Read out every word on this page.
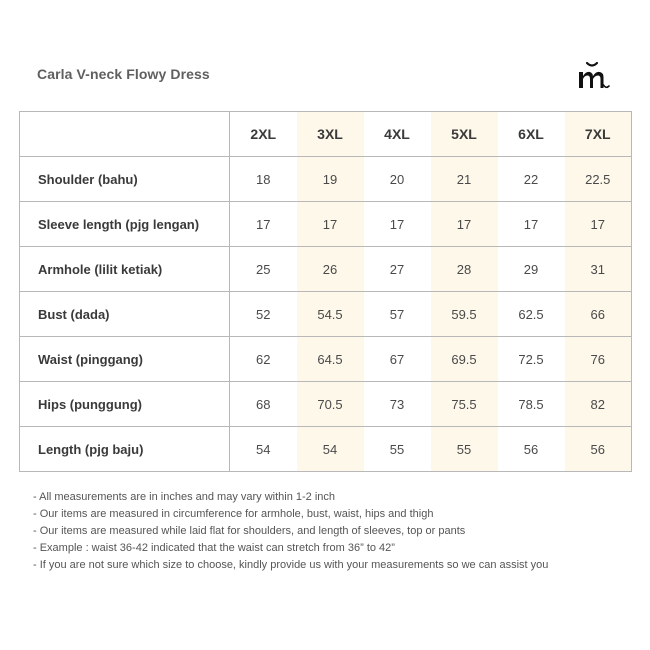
Carla V-neck Flowy Dress
	2XL	3XL	4XL	5XL	6XL	7XL
Shoulder (bahu)	18	19	20	21	22	22.5
Sleeve length (pjg lengan)	17	17	17	17	17	17
Armhole (lilit ketiak)	25	26	27	28	29	31
Bust (dada)	52	54.5	57	59.5	62.5	66
Waist (pinggang)	62	64.5	67	69.5	72.5	76
Hips (punggung)	68	70.5	73	75.5	78.5	82
Length (pjg baju)	54	54	55	55	56	56
- All measurements are in inches and may vary within 1-2 inch
- Our items are measured in circumference for armhole, bust, waist, hips and thigh
- Our items are measured while laid flat for shoulders, and length of sleeves, top or pants
- Example : waist 36-42 indicated that the waist can stretch from 36” to 42”
- If you are not sure which size to choose, kindly provide us with your measurements so we can assist you
